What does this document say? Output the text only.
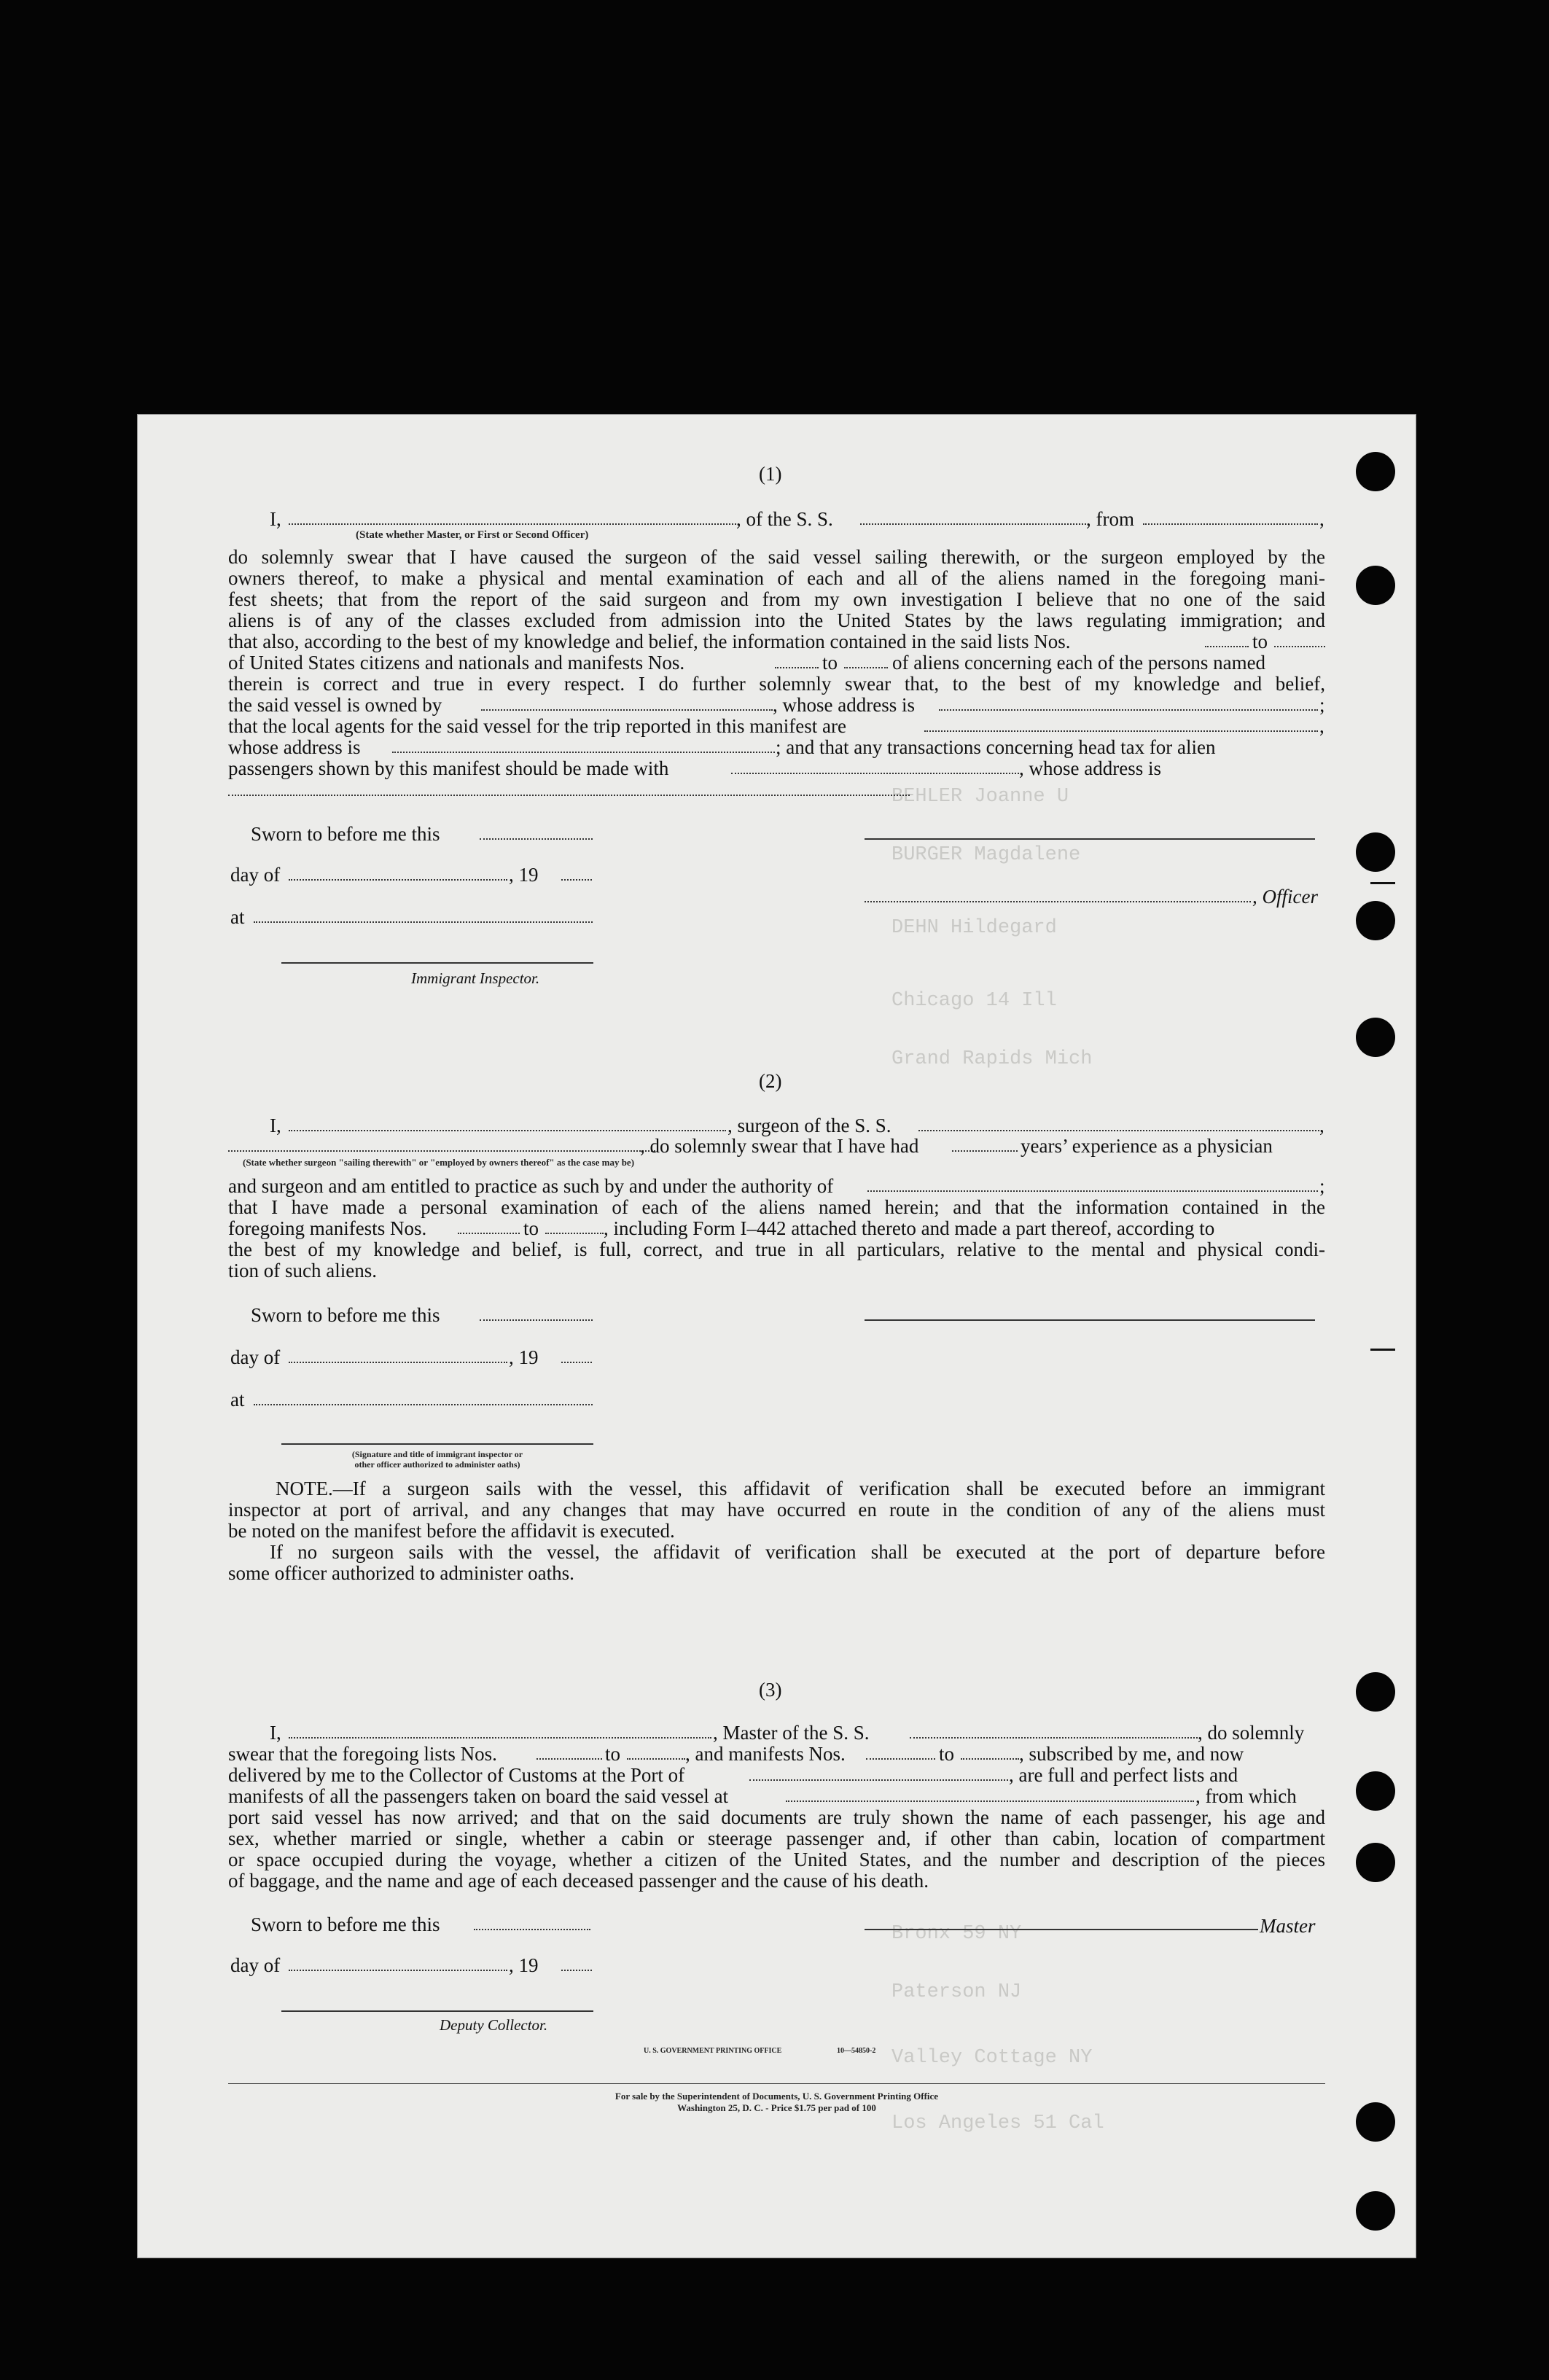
BEHLER Joanne U
BURGER Magdalene
DEHN Hildegard
Chicago 14 Ill
Grand Rapids Mich
Bronx 59 NY
Paterson NJ
Valley Cottage NY
Los Angeles 51 Cal
(1)
I,	, of the S. S.	, from	,
(State whether Master, or First or Second Officer)
do solemnly swear that I have caused the surgeon of the said vessel sailing therewith, or the surgeon employed by the
owners thereof, to make a physical and mental examination of each and all of the aliens named in the foregoing mani-
fest sheets; that from the report of the said surgeon and from my own investigation I believe that no one of the said
aliens is of any of the classes excluded from admission into the United States by the laws regulating immigration; and
that also, according to the best of my knowledge and belief, the information contained in the said lists Nos.	to
of United States citizens and nationals and manifests Nos.	to	of aliens concerning each of the persons named
therein is correct and true in every respect. I do further solemnly swear that, to the best of my knowledge and belief,
the said vessel is owned by	, whose address is	;
that the local agents for the said vessel for the trip reported in this manifest are	,
whose address is	; and that any transactions concerning head tax for alien
passengers shown by this manifest should be made with	, whose address is
Sworn to before me this
day of	, 19
, Officer
at
Immigrant Inspector.
(2)
I,	, surgeon of the S. S.	,
, do solemnly swear that I have had	years’ experience as a physician
(State whether surgeon "sailing therewith" or "employed by owners thereof" as the case may be)
and surgeon and am entitled to practice as such by and under the authority of	;
that I have made a personal examination of each of the aliens named herein; and that the information contained in the
foregoing manifests Nos.	to	, including Form I–442 attached thereto and made a part thereof, according to
the best of my knowledge and belief, is full, correct, and true in all particulars, relative to the mental and physical condi-
tion of such aliens.
Sworn to before me this
day of	, 19
at
(Signature and title of immigrant inspector or
other officer authorized to administer oaths)
NOTE.—If a surgeon sails with the vessel, this affidavit of verification shall be executed before an immigrant
inspector at port of arrival, and any changes that may have occurred en route in the condition of any of the aliens must
be noted on the manifest before the affidavit is executed.
If no surgeon sails with the vessel, the affidavit of verification shall be executed at the port of departure before
some officer authorized to administer oaths.
(3)
I,	, Master of the S. S.	, do solemnly
swear that the foregoing lists Nos.	to	, and manifests Nos.	to	, subscribed by me, and now
delivered by me to the Collector of Customs at the Port of	, are full and perfect lists and
manifests of all the passengers taken on board the said vessel at	, from which
port said vessel has now arrived; and that on the said documents are truly shown the name of each passenger, his age and
sex, whether married or single, whether a cabin or steerage passenger and, if other than cabin, location of compartment
or space occupied during the voyage, whether a citizen of the United States, and the number and description of the pieces
of baggage, and the name and age of each deceased passenger and the cause of his death.
Sworn to before me this	Master
day of	, 19
Deputy Collector.
U. S. GOVERNMENT PRINTING OFFICE	10—54850-2
For sale by the Superintendent of Documents, U. S. Government Printing Office
Washington 25, D. C. - Price $1.75 per pad of 100
